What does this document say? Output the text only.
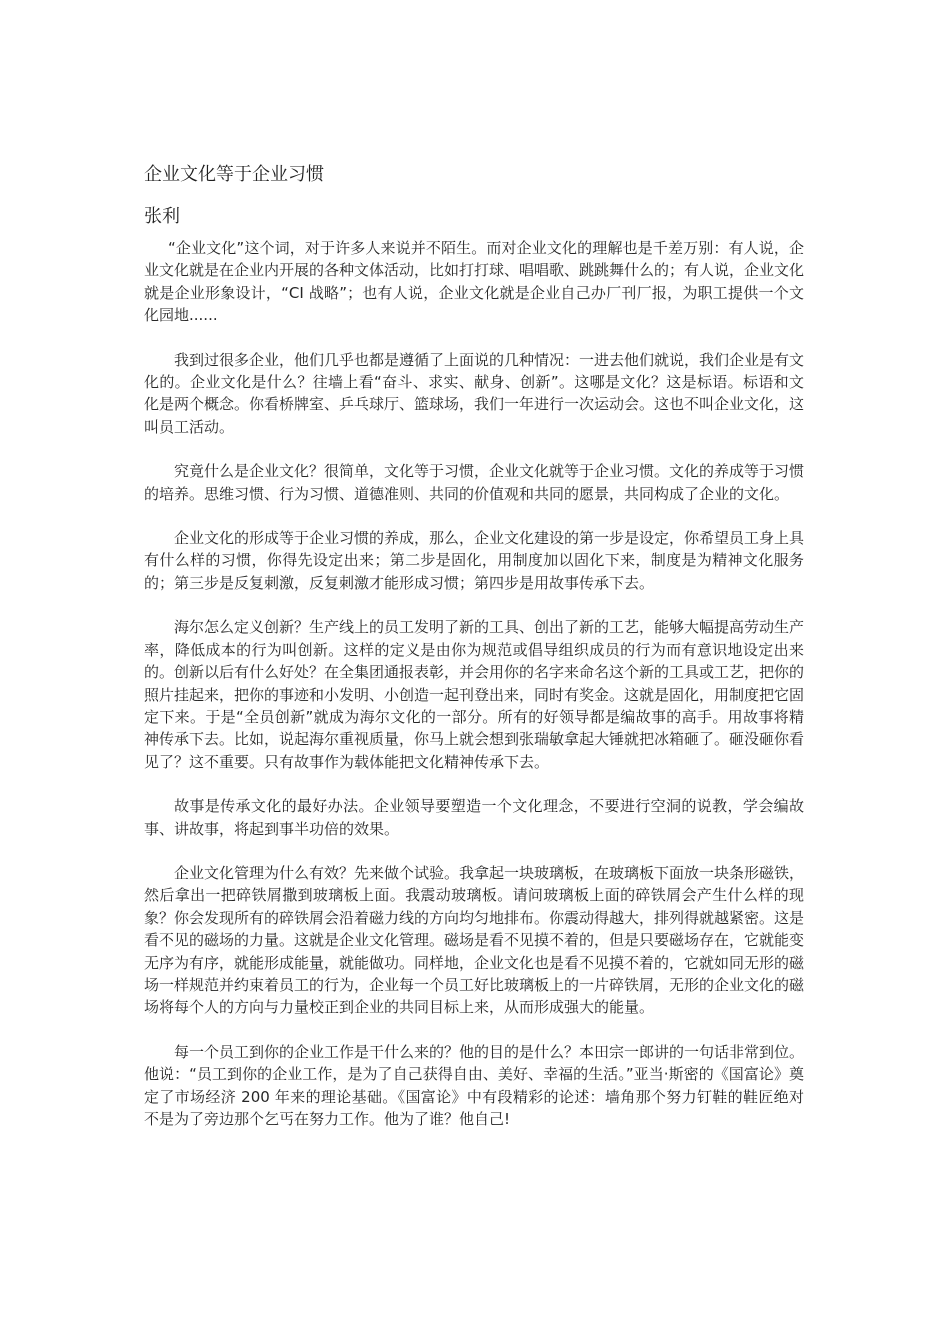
企业文化等于企业习惯
张利

“企业文化”这个词，对于许多人来说并不陌生。而对企业文化的理解也是千差万别：有人说，企业文化就是在企业内开展的各种文体活动，比如打打球、唱唱歌、跳跳舞什么的；有人说，企业文化就是企业形象设计，“CI 战略”；也有人说，企业文化就是企业自己办厂刊厂报，为职工提供一个文化园地......

我到过很多企业，他们几乎也都是遵循了上面说的几种情况：一进去他们就说，我们企业是有文化的。企业文化是什么？往墙上看“奋斗、求实、献身、创新”。这哪是文化？这是标语。标语和文化是两个概念。你看桥牌室、乒乓球厅、篮球场，我们一年进行一次运动会。这也不叫企业文化，这叫员工活动。

究竟什么是企业文化？很简单，文化等于习惯，企业文化就等于企业习惯。文化的养成等于习惯的培养。思维习惯、行为习惯、道德准则、共同的价值观和共同的愿景，共同构成了企业的文化。

企业文化的形成等于企业习惯的养成，那么，企业文化建设的第一步是设定，你希望员工身上具有什么样的习惯，你得先设定出来；第二步是固化，用制度加以固化下来，制度是为精神文化服务的；第三步是反复刺激，反复刺激才能形成习惯；第四步是用故事传承下去。

海尔怎么定义创新？生产线上的员工发明了新的工具、创出了新的工艺，能够大幅提高劳动生产率，降低成本的行为叫创新。这样的定义是由你为规范或倡导组织成员的行为而有意识地设定出来的。创新以后有什么好处？在全集团通报表彰，并会用你的名字来命名这个新的工具或工艺，把你的照片挂起来，把你的事迹和小发明、小创造一起刊登出来，同时有奖金。这就是固化，用制度把它固定下来。于是“全员创新”就成为海尔文化的一部分。所有的好领导都是编故事的高手。用故事将精神传承下去。比如，说起海尔重视质量，你马上就会想到张瑞敏拿起大锤就把冰箱砸了。砸没砸你看见了？这不重要。只有故事作为载体能把文化精神传承下去。

故事是传承文化的最好办法。企业领导要塑造一个文化理念，不要进行空洞的说教，学会编故事、讲故事，将起到事半功倍的效果。

企业文化管理为什么有效？先来做个试验。我拿起一块玻璃板，在玻璃板下面放一块条形磁铁，然后拿出一把碎铁屑撒到玻璃板上面。我震动玻璃板。请问玻璃板上面的碎铁屑会产生什么样的现象？你会发现所有的碎铁屑会沿着磁力线的方向均匀地排布。你震动得越大，排列得就越紧密。这是看不见的磁场的力量。这就是企业文化管理。磁场是看不见摸不着的，但是只要磁场存在，它就能变无序为有序，就能形成能量，就能做功。同样地，企业文化也是看不见摸不着的，它就如同无形的磁场一样规范并约束着员工的行为，企业每一个员工好比玻璃板上的一片碎铁屑，无形的企业文化的磁场将每个人的方向与力量校正到企业的共同目标上来，从而形成强大的能量。

每一个员工到你的企业工作是干什么来的？他的目的是什么？本田宗一郎讲的一句话非常到位。他说：“员工到你的企业工作，是为了自己获得自由、美好、幸福的生活。”亚当·斯密的《国富论》奠定了市场经济 200 年来的理论基础。《国富论》中有段精彩的论述：墙角那个努力钉鞋的鞋匠绝对不是为了旁边那个乞丐在努力工作。他为了谁？他自己!
